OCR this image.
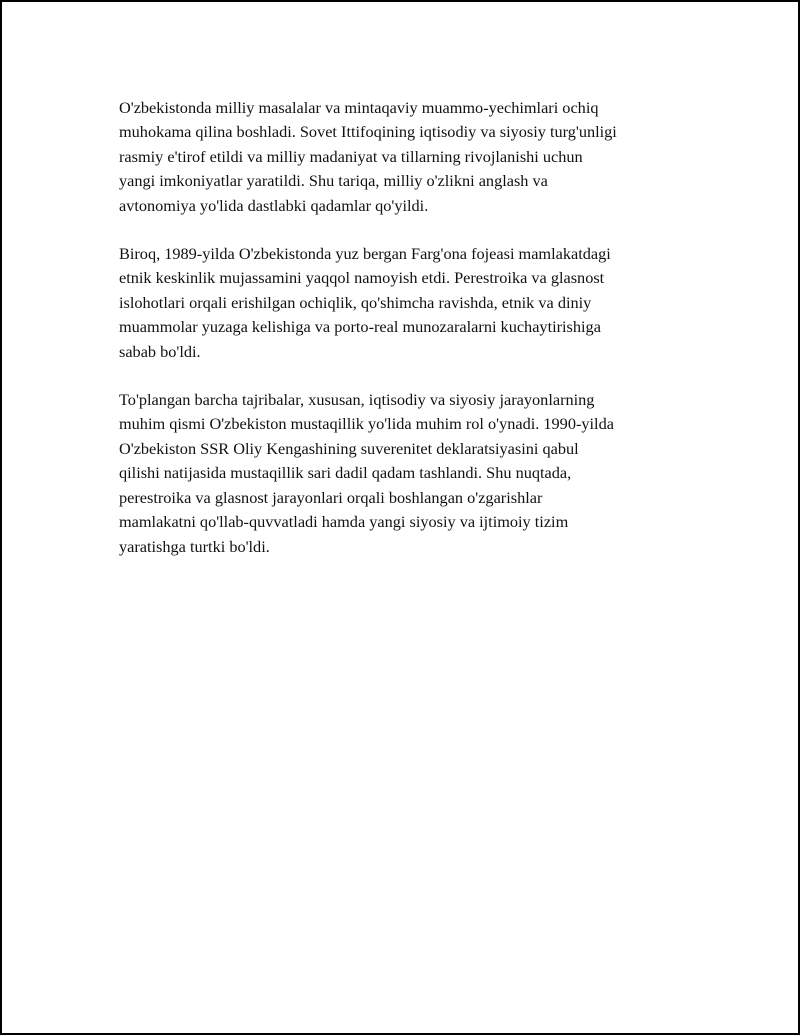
O'zbekistonda milliy masalalar va mintaqaviy muammo-yechimlari ochiq
muhokama qilina boshladi. Sovet Ittifoqining iqtisodiy va siyosiy turg'unligi
rasmiy e'tirof etildi va milliy madaniyat va tillarning rivojlanishi uchun
yangi imkoniyatlar yaratildi. Shu tariqa, milliy o'zlikni anglash va
avtonomiya yo'lida dastlabki qadamlar qo'yildi.

Biroq, 1989-yilda O'zbekistonda yuz bergan Farg'ona fojeasi mamlakatdagi
etnik keskinlik mujassamini yaqqol namoyish etdi. Perestroika va glasnost
islohotlari orqali erishilgan ochiqlik, qo'shimcha ravishda, etnik va diniy
muammolar yuzaga kelishiga va porto-real munozaralarni kuchaytirishiga
sabab bo'ldi.

To'plangan barcha tajribalar, xususan, iqtisodiy va siyosiy jarayonlarning
muhim qismi O'zbekiston mustaqillik yo'lida muhim rol o'ynadi. 1990-yilda
O'zbekiston SSR Oliy Kengashining suverenitet deklaratsiyasini qabul
qilishi natijasida mustaqillik sari dadil qadam tashlandi. Shu nuqtada,
perestroika va glasnost jarayonlari orqali boshlangan o'zgarishlar
mamlakatni qo'llab-quvvatladi hamda yangi siyosiy va ijtimoiy tizim
yaratishga turtki bo'ldi.
